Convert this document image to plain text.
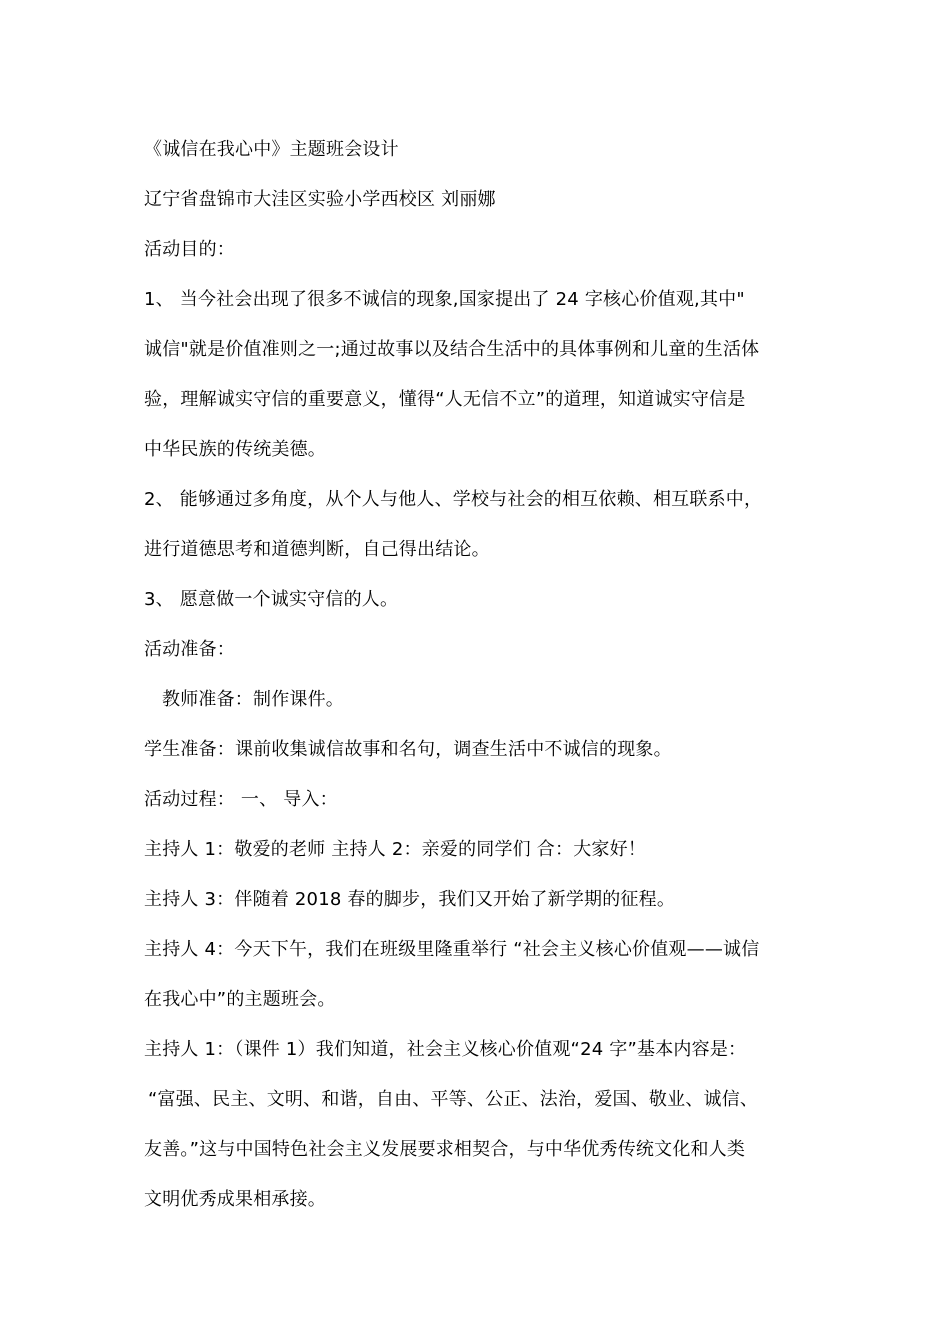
《诚信在我心中》主题班会设计
辽宁省盘锦市大洼区实验小学西校区 刘丽娜
活动目的：
1、 当今社会出现了很多不诚信的现象,国家提出了 24 字核心价值观,其中"
诚信"就是价值准则之一;通过故事以及结合生活中的具体事例和儿童的生活体
验，理解诚实守信的重要意义，懂得“人无信不立”的道理，知道诚实守信是
中华民族的传统美德。
2、 能够通过多角度，从个人与他人、学校与社会的相互依赖、相互联系中，
进行道德思考和道德判断，自己得出结论。
3、 愿意做一个诚实守信的人。
活动准备：
教师准备：制作课件。
学生准备：课前收集诚信故事和名句，调查生活中不诚信的现象。
活动过程： 一、 导入：
主持人 1：敬爱的老师 主持人 2：亲爱的同学们 合：大家好！
主持人 3：伴随着 2018 春的脚步，我们又开始了新学期的征程。
主持人 4：今天下午，我们在班级里隆重举行 “社会主义核心价值观——诚信
在我心中”的主题班会。
主持人 1：（课件 1）我们知道，社会主义核心价值观“24 字”基本内容是：
“富强、民主、文明、和谐，自由、平等、公正、法治，爱国、敬业、诚信、
友善。”这与中国特色社会主义发展要求相契合，与中华优秀传统文化和人类
文明优秀成果相承接。
